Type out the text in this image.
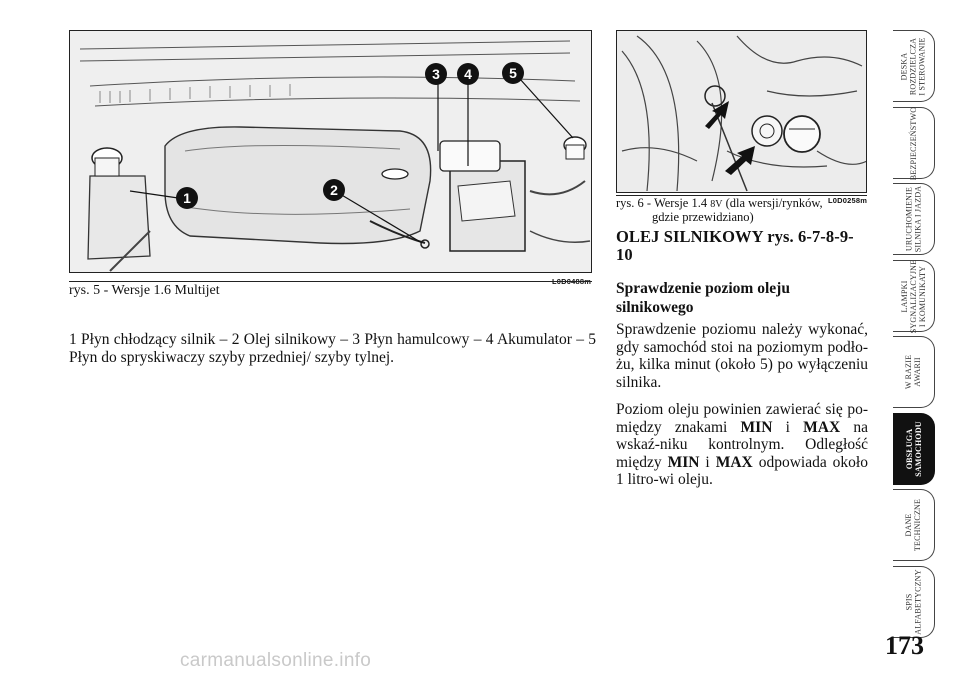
1	2
3 4	5
L0D0488m
rys. 5 - Wersje 1.6 Multijet
L0D0258m
rys. 6 - Wersje 1.4 8V (dla wersji/rynków,
gdzie przewidziano)
1 Płyn chłodzący silnik – 2 Olej silnikowy – 3 Płyn hamulcowy – 4 Akumulator – 5 Płyn do spryskiwaczy szyby przedniej/ szyby tylnej.
OLEJ SILNIKOWY rys. 6-7-8-9-10
Sprawdzenie poziom oleju silnikowego

Sprawdzenie poziomu należy wykonać, gdy samochód stoi na poziomym podło-żu, kilka minut (około 5) po wyłączeniu silnika.

Poziom oleju powinien zawierać się po-między znakami MIN i MAX na wskaź-niku kontrolnym. Odległość między MIN i MAX odpowiada około 1 litro-wi oleju.

DESKA
ROZDZIELCZA
I STEROWANIE
BEZPIECZEŃSTWO
URUCHOMIENIE
SILNIKA I JAZDA
LAMPKI
SYGNALIZACYJNE
I KOMUNIKATY
W RAZIE
AWARII
OBSŁUGA
SAMOCHODU
DANE
TECHNICZNE
SPIS
ALFABETYCZNY
173
carmanualsonline.info
